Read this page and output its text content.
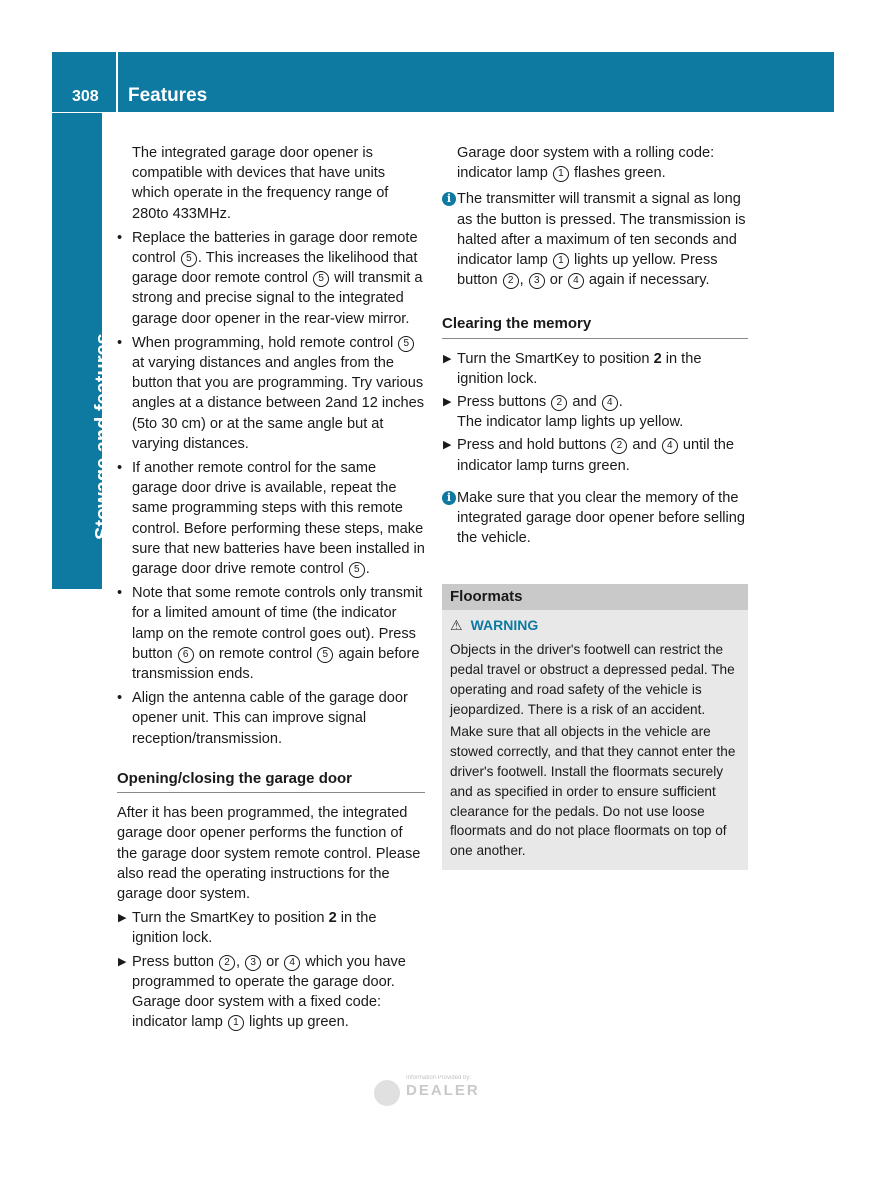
308	Features
Stowage and features

The integrated garage door opener is compatible with devices that have units which operate in the frequency range of 280to 433MHz.

• Replace the batteries in garage door remote control 5 . This increases the likelihood that garage door remote control 5 will transmit a strong and precise signal to the integrated garage door opener in the rear-view mirror.
• When programming, hold remote control 5 at varying distances and angles from the button that you are programming. Try various angles at a distance between 2and 12 inches (5to 30 cm) or at the same angle but at varying distances.
• If another remote control for the same garage door drive is available, repeat the same programming steps with this remote control. Before performing these steps, make sure that new batteries have been installed in garage door drive remote control 5 .
• Note that some remote controls only transmit for a limited amount of time (the indicator lamp on the remote control goes out). Press button 6 on remote control 5 again before transmission ends.
• Align the antenna cable of the garage door opener unit. This can improve signal reception/transmission.
Opening/closing the garage door

After it has been programmed, the integrated garage door opener performs the function of the garage door system remote control. Please also read the operating instructions for the garage door system.

▶ Turn the SmartKey to position 2 in the ignition lock.
▶ Press button 2 , 3 or 4 which you have programmed to operate the garage door.
Garage door system with a fixed code: indicator lamp 1 lights up green.

Garage door system with a rolling code: indicator lamp 1 flashes green.

i The transmitter will transmit a signal as long as the button is pressed. The transmission is halted after a maximum of ten seconds and indicator lamp 1 lights up yellow. Press button 2 , 3 or 4 again if necessary.
Clearing the memory
▶ Turn the SmartKey to position 2 in the ignition lock.
▶ Press buttons 2 and 4 .
The indicator lamp lights up yellow.
▶ Press and hold buttons 2 and 4 until the indicator lamp turns green.
i Make sure that you clear the memory of the integrated garage door opener before selling the vehicle.
Floormats
⚠ WARNING

Objects in the driver's footwell can restrict the pedal travel or obstruct a depressed pedal. The operating and road safety of the vehicle is jeopardized. There is a risk of an accident.

Make sure that all objects in the vehicle are stowed correctly, and that they cannot enter the driver's footwell. Install the floormats securely and as specified in order to ensure sufficient clearance for the pedals. Do not use loose floormats and do not place floormats on top of one another.

Information Provided by:
DEALER
